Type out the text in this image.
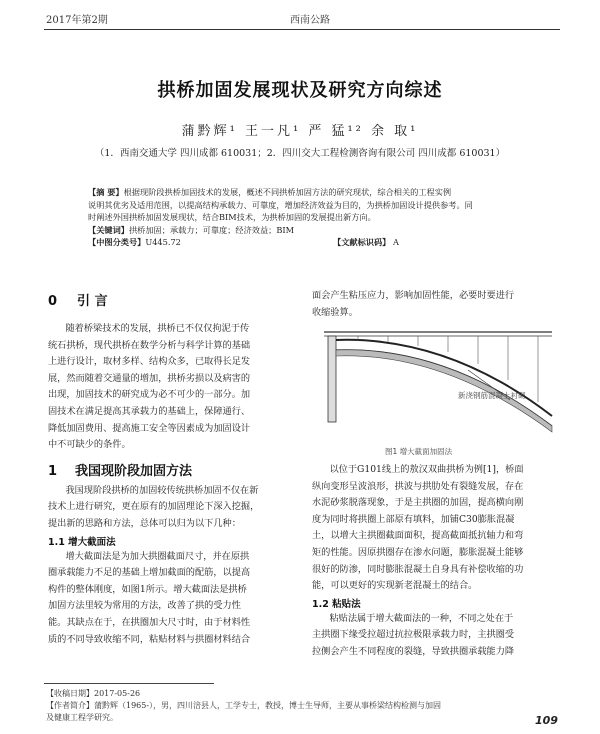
2017年第2期	西南公路
拱桥加固发展现状及研究方向综述
蒲黔辉¹ 王一凡¹ 严 猛¹² 余 取¹
（1．西南交通大学 四川成都 610031；2．四川交大工程检测咨询有限公司 四川成都 610031）
【摘 要】根据现阶段拱桥加固技术的发展，概述不同拱桥加固方法的研究现状，综合相关的工程实例
说明其优劣及适用范围，以提高结构承载力、可靠度，增加经济效益为目的，为拱桥加固设计提供参考。同
时阐述外国拱桥加固发展现状，结合BIM技术，为拱桥加固的发展提出新方向。
【关键词】拱桥加固；承载力；可靠度；经济效益；BIM
【中图分类号】U445.72	【文献标识码】 A
0 引 言
随着桥梁技术的发展，拱桥已不仅仅拘泥于传
统石拱桥，现代拱桥在数学分析与科学计算的基础
上进行设计，取材多样、结构众多，已取得长足发
展，然而随着交通量的增加，拱桥劣损以及病害的
出现，加固技术的研究成为必不可少的一部分。加
固技术在满足提高其承载力的基础上，保障通行、
降低加固费用、提高施工安全等因素成为加固设计
中不可缺少的条件。
1 我国现阶段加固方法
我国现阶段拱桥的加固较传统拱桥加固不仅在新
技术上进行研究，更在原有的加固理论下深入挖掘，
提出新的思路和方法，总体可以归为以下几种：
1.1 增大截面法
增大截面法是为加大拱圈截面尺寸，并在原拱
圈承载能力不足的基础上增加截面的配筋，以提高
构件的整体刚度，如图1所示。增大截面法是拱桥
加固方法里较为常用的方法，改善了拱的受力性
能。其缺点在于，在拱圈加大尺寸时，由于材料性
质的不同导致收缩不同，粘贴材料与拱圈材料结合
面会产生粘压应力，影响加固性能，必要时要进行
收缩验算。
新浇钢筋混凝土衬砌
图1 增大截面加固法
以位于G101线上的敖汉双曲拱桥为例[1]，桥面
纵向变形呈波浪形，拱波与拱肋处有裂缝发展，存在
水泥砂浆脱落现象，于是主拱圈的加固，提高横向刚
度为同时将拱圈上部原有填料，加铺C30膨胀混凝
土，以增大主拱圈截面面积，提高截面抵抗轴力和弯
矩的性能。因原拱圈存在渗水问题，膨胀混凝土能够
很好的防渗，同时膨胀混凝土自身具有补偿收缩的功
能，可以更好的实现新老混凝土的结合。
1.2 粘贴法
粘贴法属于增大截面法的一种，不同之处在于
主拱圈下缘受拉超过抗拉极限承载力时，主拱圈受
拉侧会产生不同程度的裂缝，导致拱圈承载能力降
【收稿日期】2017-05-26
【作者简介】蒲黔辉（1965-），男，四川涪县人，工学专士，教授，博士生导师，主要从事桥梁结构检测与加固
及健康工程学研究。	109
